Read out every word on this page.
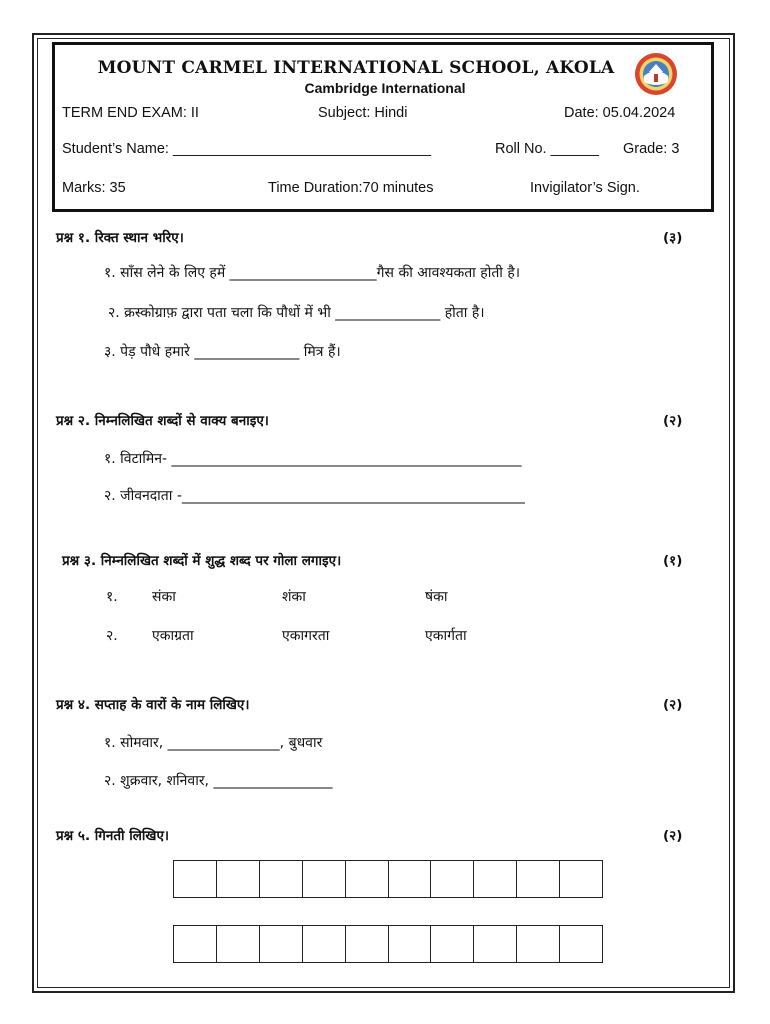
MOUNT CARMEL INTERNATIONAL SCHOOL, AKOLA
Cambridge International
TERM END EXAM: II	Subject: Hindi	Date: 05.04.2024
Student’s Name: ________________________________	Roll No. ______ Grade: 3
Marks: 35	Time Duration:70 minutes	Invigilator’s Sign.
प्रश्न १. रिक्त स्थान भरिए।	(३)
१. साँस लेने के लिए हमें _____________________गैस की आवश्यकता होती है।
२. क्रस्कोग्राफ़ द्वारा पता चला कि पौधों में भी _______________ होता है।
३. पेड़ पौधे हमारे _______________ मित्र हैं।
प्रश्न २. निम्नलिखित शब्दों से वाक्य बनाइए।	(२)
१. विटामिन- __________________________________________________
२. जीवनदाता -_________________________________________________
प्रश्न ३. निम्नलिखित शब्दों में शुद्ध शब्द पर गोला लगाइए।	(१)
१. संका	शंका	षंका
२. एकाग्रता	एकागरता	एकार्गता
प्रश्न ४. सप्ताह के वारों के नाम लिखिए।	(२)
१. सोमवार, ________________, बुधवार
२. शुक्रवार, शनिवार, _________________
प्रश्न ५. गिनती लिखिए।	(२)
